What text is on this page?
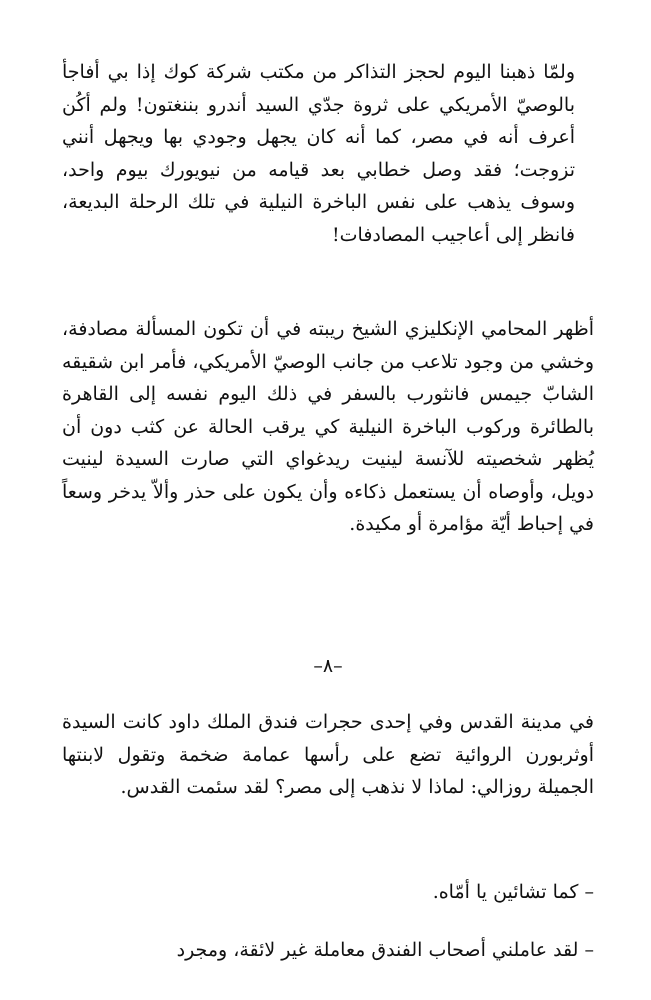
ولمّا ذهبنا اليوم لحجز التذاكر من مكتب شركة كوك إذا بي أفاجأ بالوصيّ الأمريكي على ثروة جدّي السيد أندرو بننغتون! ولم أكُن أعرف أنه في مصر، كما أنه كان يجهل وجودي بها ويجهل أنني تزوجت؛ فقد وصل خطابي بعد قيامه من نيويورك بيوم واحد، وسوف يذهب على نفس الباخرة النيلية في تلك الرحلة البديعة، فانظر إلى أعاجيب المصادفات!

أظهر المحامي الإنكليزي الشيخ ريبته في أن تكون المسألة مصادفة، وخشي من وجود تلاعب من جانب الوصيّ الأمريكي، فأمر ابن شقيقه الشابّ جيمس فانثورب بالسفر في ذلك اليوم نفسه إلى القاهرة بالطائرة وركوب الباخرة النيلية كي يرقب الحالة عن كثب دون أن يُظهر شخصيته للآنسة لينيت ريدغواي التي صارت السيدة لينيت دويل، وأوصاه أن يستعمل ذكاءه وأن يكون على حذر وألاّ يدخر وسعاً في إحباط أيّة مؤامرة أو مكيدة.

–٨–

في مدينة القدس وفي إحدى حجرات فندق الملك داود كانت السيدة أوثربورن الروائية تضع على رأسها عمامة ضخمة وتقول لابنتها الجميلة روزالي: لماذا لا نذهب إلى مصر؟ لقد سئمت القدس.

– كما تشائين يا أمّاه.

– لقد عاملني أصحاب الفندق معاملة غير لائقة، ومجرد
